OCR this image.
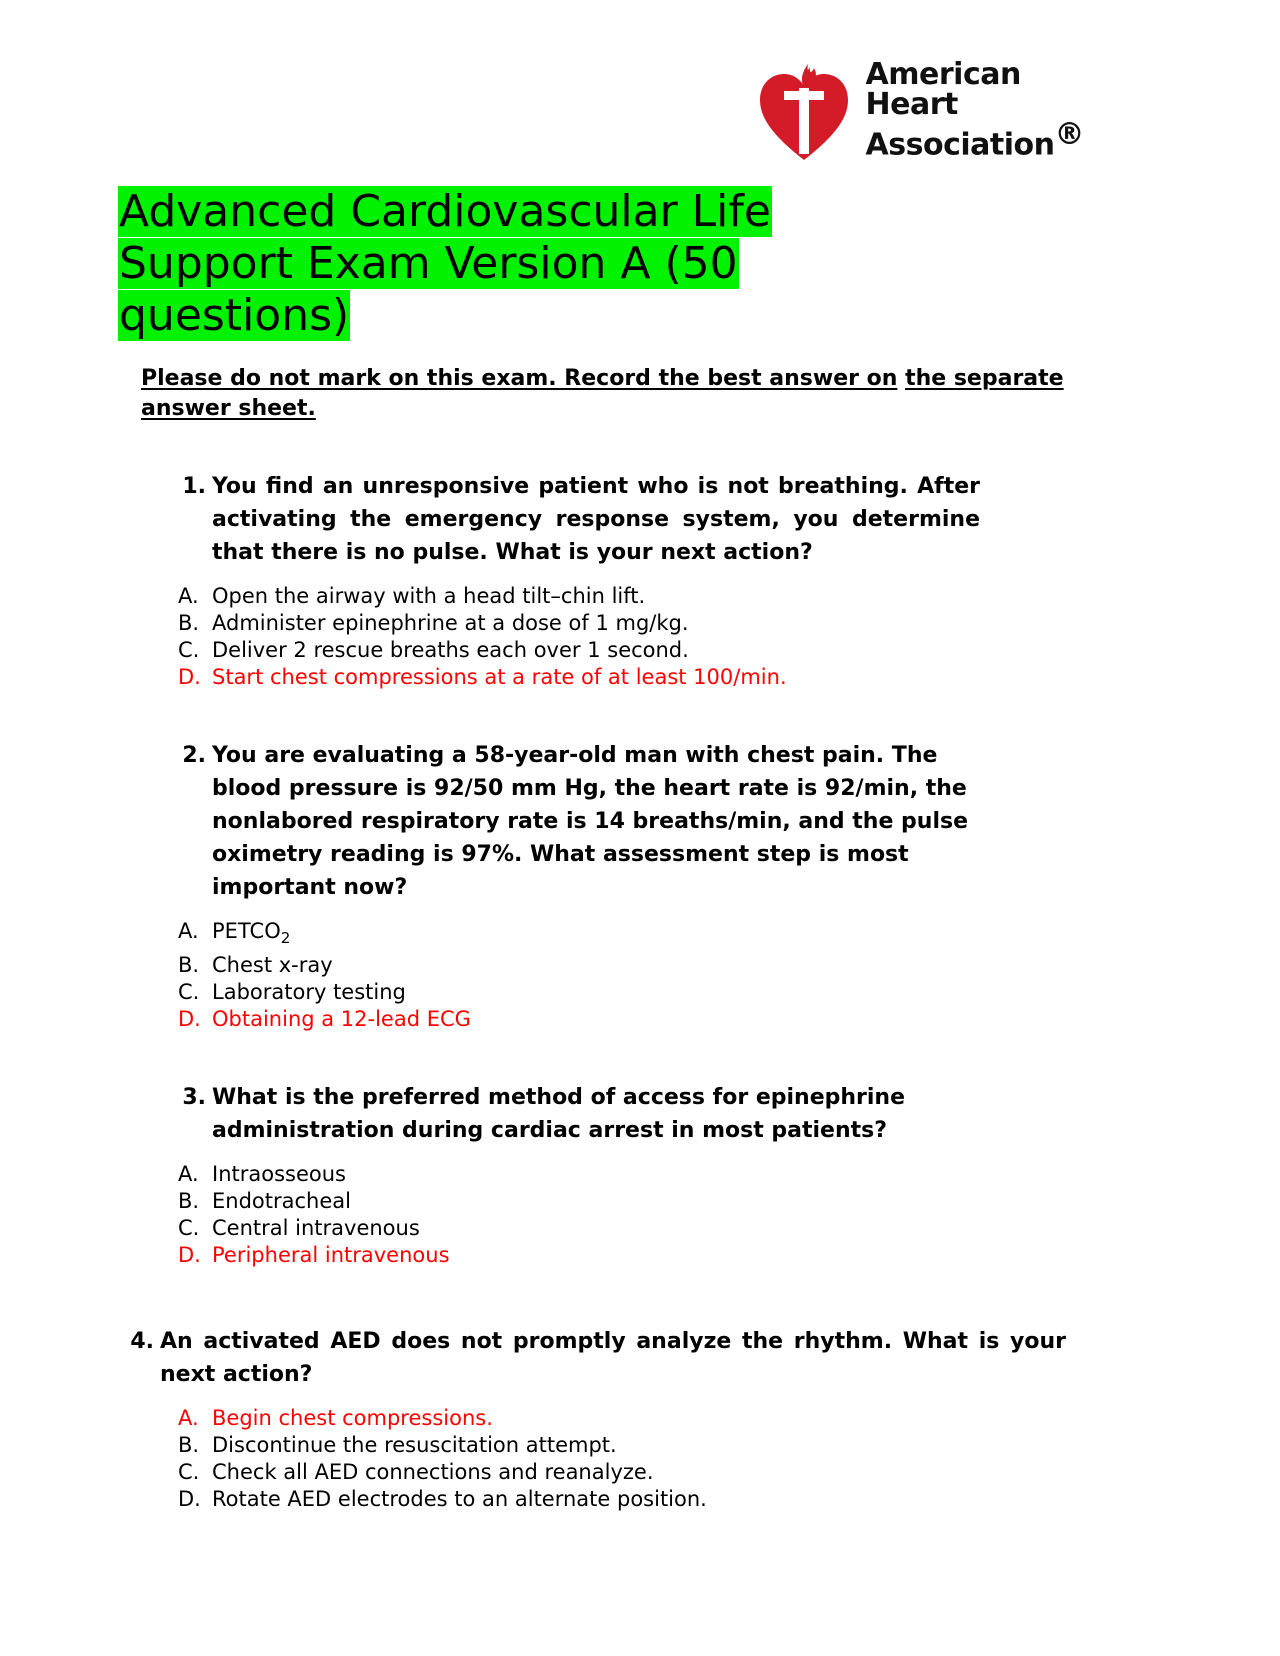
American
Heart
Association®
Advanced Cardiovascular Life Support Exam Version A (50 questions)
Please do not mark on this exam. Record the best answer on the separate answer sheet.
1. You find an unresponsive patient who is not breathing. After activating the emergency response system, you determine that there is no pulse. What is your next action?
A. Open the airway with a head tilt–chin lift.
B. Administer epinephrine at a dose of 1 mg/kg.
C. Deliver 2 rescue breaths each over 1 second.
D. Start chest compressions at a rate of at least 100/min.
2. You are evaluating a 58-year-old man with chest pain. The blood pressure is 92/50 mm Hg, the heart rate is 92/min, the nonlabored respiratory rate is 14 breaths/min, and the pulse oximetry reading is 97%. What assessment step is most important now?
A. $PETCO_2$
B. Chest x-ray
C. Laboratory testing
D. Obtaining a 12-lead ECG
3. What is the preferred method of access for epinephrine administration during cardiac arrest in most patients?
A. Intraosseous
B. Endotracheal
C. Central intravenous
D. Peripheral intravenous
4. An activated AED does not promptly analyze the rhythm. What is your next action?
A. Begin chest compressions.
B. Discontinue the resuscitation attempt.
C. Check all AED connections and reanalyze.
D. Rotate AED electrodes to an alternate position.
